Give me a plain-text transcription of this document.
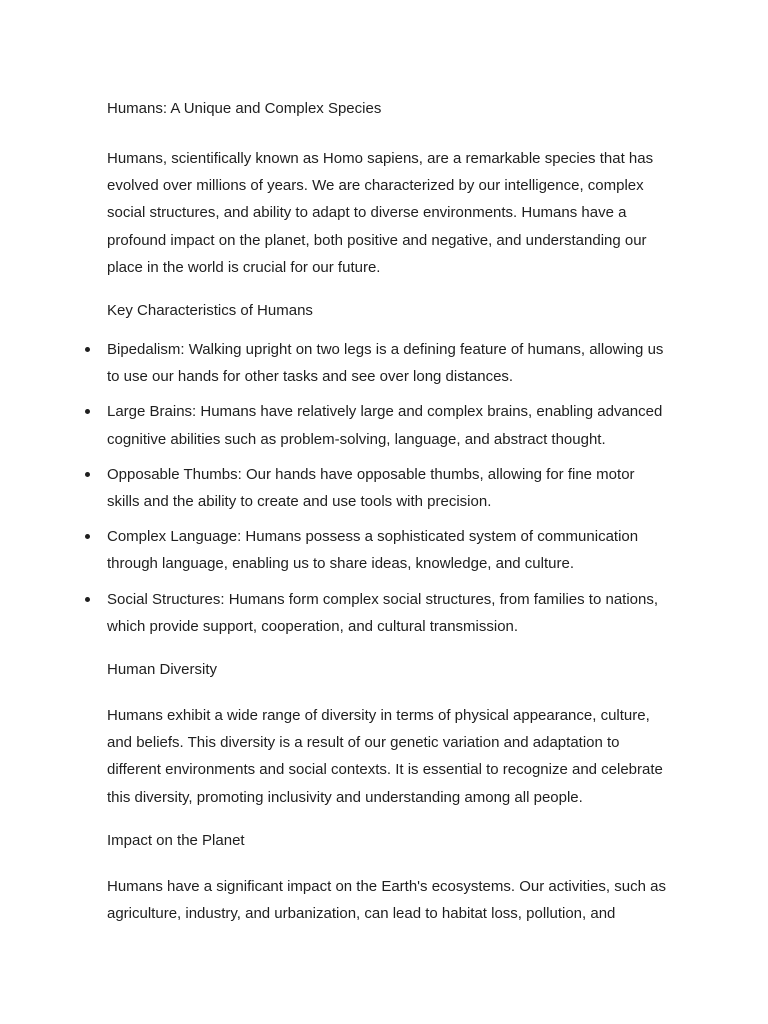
Humans: A Unique and Complex Species

Humans, scientifically known as Homo sapiens, are a remarkable species that has evolved over millions of years. We are characterized by our intelligence, complex social structures, and ability to adapt to diverse environments. Humans have a profound impact on the planet, both positive and negative, and understanding our place in the world is crucial for our future.

Key Characteristics of Humans
Bipedalism: Walking upright on two legs is a defining feature of humans, allowing us to use our hands for other tasks and see over long distances.
Large Brains: Humans have relatively large and complex brains, enabling advanced cognitive abilities such as problem-solving, language, and abstract thought.
Opposable Thumbs: Our hands have opposable thumbs, allowing for fine motor skills and the ability to create and use tools with precision.
Complex Language: Humans possess a sophisticated system of communication through language, enabling us to share ideas, knowledge, and culture.
Social Structures: Humans form complex social structures, from families to nations, which provide support, cooperation, and cultural transmission.
Human Diversity

Humans exhibit a wide range of diversity in terms of physical appearance, culture, and beliefs. This diversity is a result of our genetic variation and adaptation to different environments and social contexts. It is essential to recognize and celebrate this diversity, promoting inclusivity and understanding among all people.

Impact on the Planet

Humans have a significant impact on the Earth's ecosystems. Our activities, such as agriculture, industry, and urbanization, can lead to habitat loss, pollution, and
